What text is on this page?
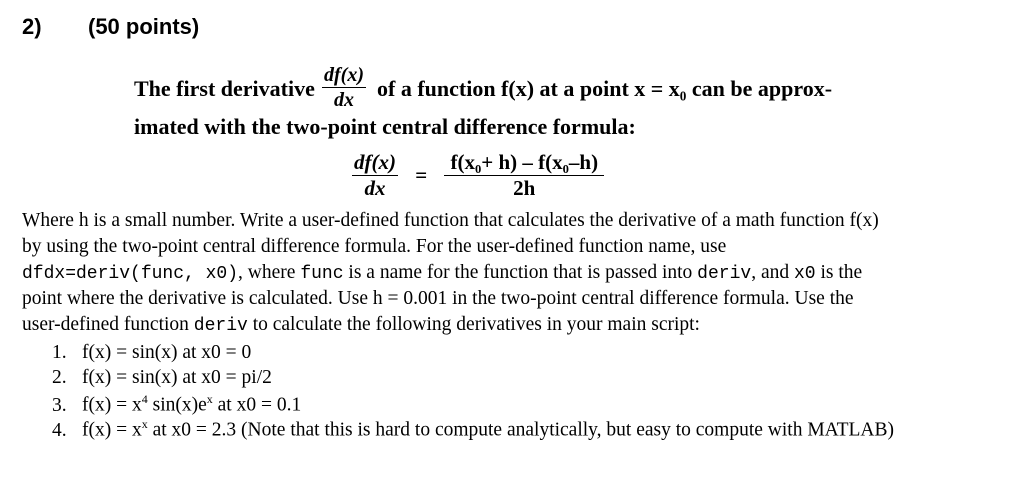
2) (50 points)
The first derivative $\frac{df(x)}{dx}$ of a function f(x) at a point x = x₀ can be approx-
imated with the two-point central difference formula:
$\frac{df(x)}{dx} = \frac{\text{f(x₀+ h) – f(x₀–h)}}{2h}$
Where h is a small number. Write a user-defined function that calculates the derivative of a math function f(x)
by using the two-point central difference formula. For the user-defined function name, use
dfdx=deriv(func, x0), where func is a name for the function that is passed into deriv, and x0 is the
point where the derivative is calculated. Use h = 0.001 in the two-point central difference formula. Use the
user-defined function deriv to calculate the following derivatives in your main script:
1. f(x) = sin(x) at x0 = 0
2. f(x) = sin(x) at x0 = pi/2
3. $f(x) = x^4$ $\sin(x)e^x$ at x0 = 0.1
4. $f(x) = x^x$ at x0 = 2.3 (Note that this is hard to compute analytically, but easy to compute with MATLAB)
